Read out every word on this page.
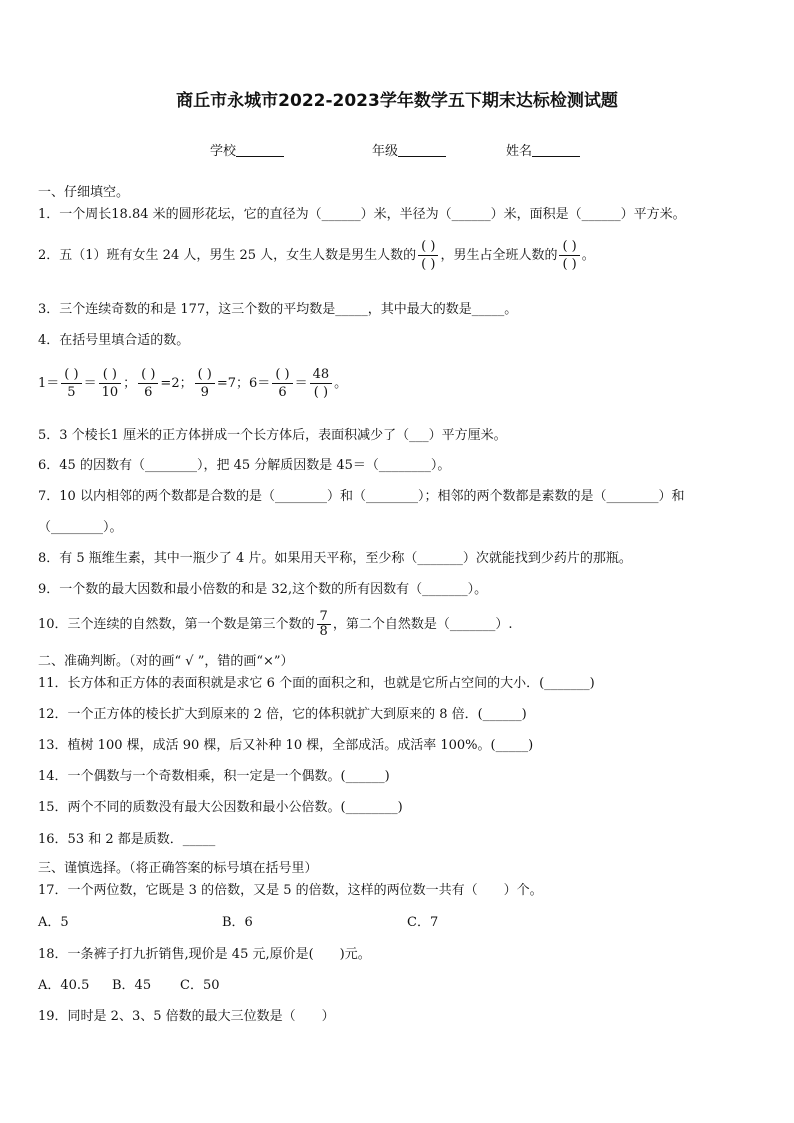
商丘市永城市2022-2023学年数学五下期末达标检测试题
学校	年级	姓名
一、仔细填空。
1．一个周长18.84 米的圆形花坛，它的直径为（______）米，半径为（______）米，面积是（______）平方米。
2．五（1）班有女生 24 人，男生 25 人，女生人数是男生人数的 $\frac{( )}{( )}$ ，男生占全班人数的 $\frac{( )}{( )}$ 。
3．三个连续奇数的和是 177，这三个数的平均数是_____，其中最大的数是_____。
4．在括号里填合适的数。
$1= \frac{( )}{5} = \frac{( )}{10}$ ； $\frac{( )}{6} =2$； $\frac{( )}{9} =7$；$6= \frac{( )}{6} = \frac{48}{( )}$ 。
5．3 个棱长1 厘米的正方体拼成一个长方体后，表面积减少了（___）平方厘米。
6．45 的因数有（________），把 45 分解质因数是 45＝（________）。
7．10 以内相邻的两个数都是合数的是（________）和（________）；相邻的两个数都是素数的是（________）和
（________）。
8．有 5 瓶维生素，其中一瓶少了 4 片。如果用天平称，至少称（_______）次就能找到少药片的那瓶。
9．一个数的最大因数和最小倍数的和是 32,这个数的所有因数有（_______）。
10．三个连续的自然数，第一个数是第三个数的 $\frac{7}{8}$ ，第二个自然数是（_______）.
二、准确判断。（对的画“ √ ”，错的画“×”）
11．长方体和正方体的表面积就是求它 6 个面的面积之和，也就是它所占空间的大小．(_______)
12．一个正方体的棱长扩大到原来的 2 倍，它的体积就扩大到原来的 8 倍．(______)
13．植树 100 棵，成活 90 棵，后又补种 10 棵，全部成活。成活率 100%。(_____)
14．一个偶数与一个奇数相乘，积一定是一个偶数。(______)
15．两个不同的质数没有最大公因数和最小公倍数。(________)
16．53 和 2 都是质数．_____
三、谨慎选择。（将正确答案的标号填在括号里）
17．一个两位数，它既是 3 的倍数，又是 5 的倍数，这样的两位数一共有（　　）个。
A．5	B．6	C．7
18．一条裤子打九折销售,现价是 45 元,原价是(　　)元。
A．40.5 B．45 C．50
19．同时是 2、3、5 倍数的最大三位数是（　　）
